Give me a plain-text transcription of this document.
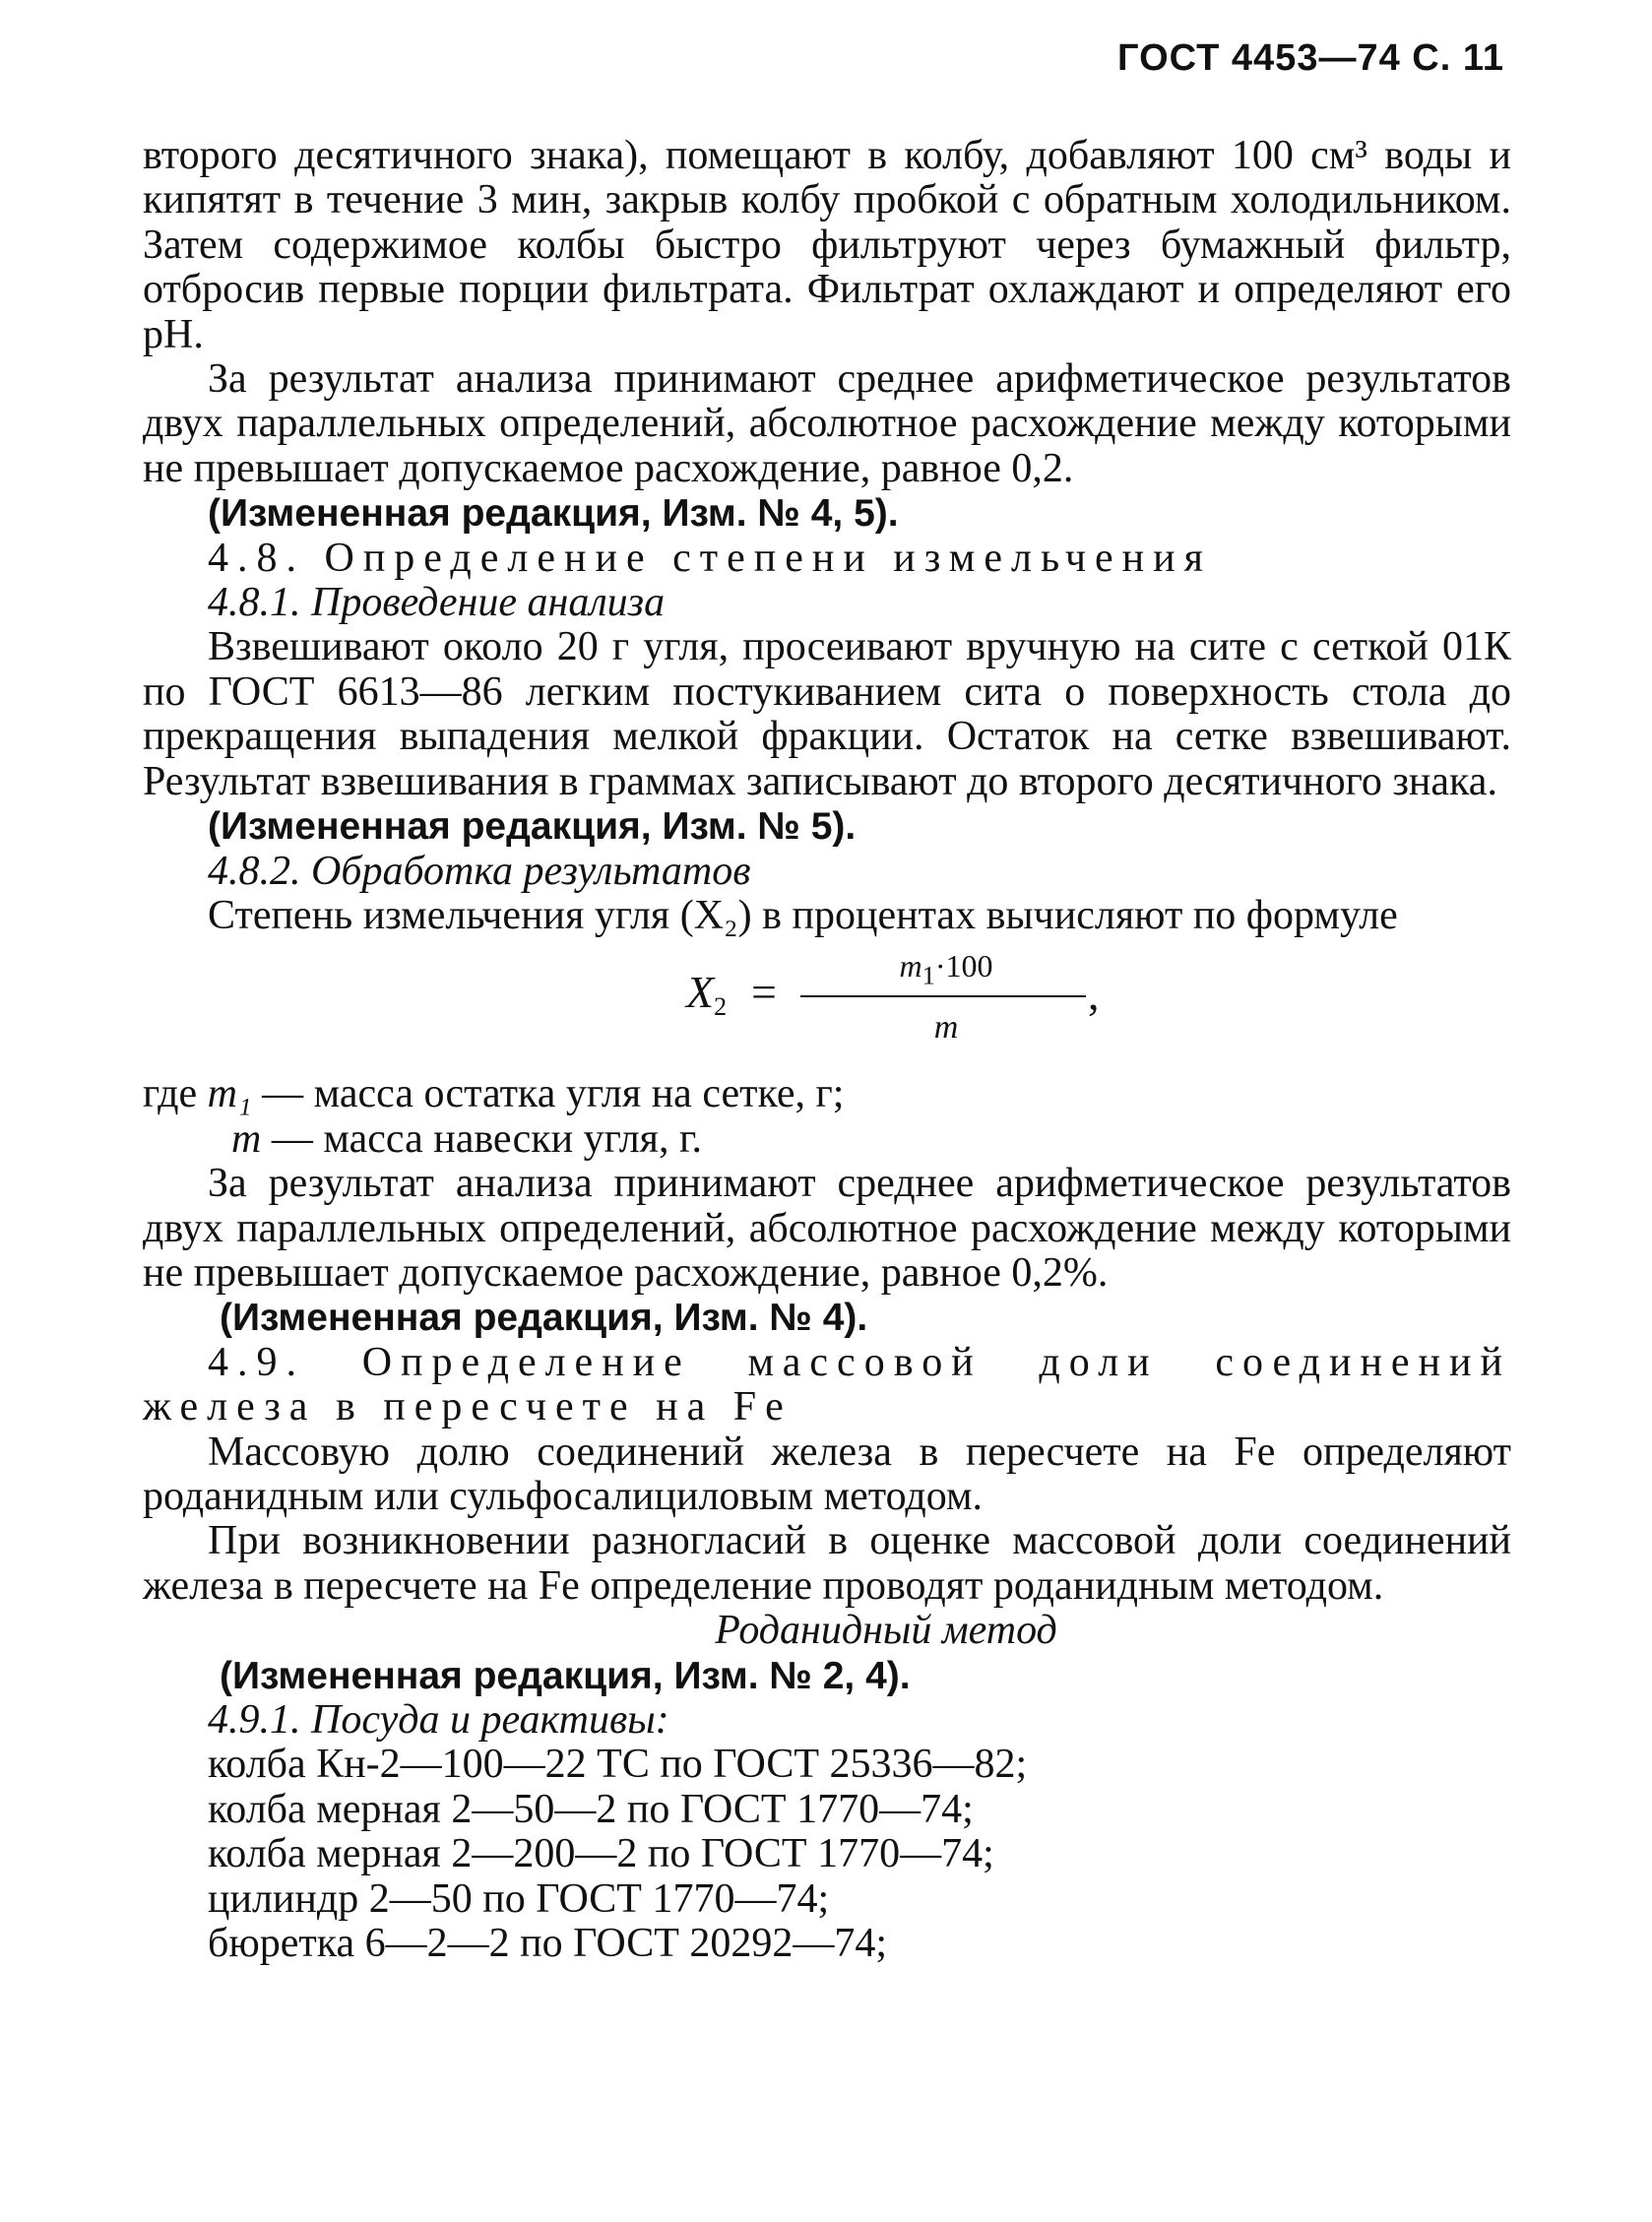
ГОСТ 4453—74 С. 11

второго десятичного знака), помещают в колбу, добавляют 100 см³ воды и кипятят в течение 3 мин, закрыв колбу пробкой с обратным холодильником. Затем содержимое колбы быстро фильтруют через бумажный фильтр, отбросив первые порции фильтрата. Фильтрат охлаждают и определяют его pH.

За результат анализа принимают среднее арифметическое результатов двух параллельных определений, абсолютное расхождение между которыми не превышает допускаемое расхождение, равное 0,2.

(Измененная редакция, Изм. № 4, 5).

4.8. Определение степени измельчения

4.8.1. Проведение анализа

Взвешивают около 20 г угля, просеивают вручную на сите с сеткой 01К по ГОСТ 6613—86 легким постукиванием сита о поверхность стола до прекращения выпадения мелкой фракции. Остаток на сетке взвешивают. Результат взвешивания в граммах записывают до второго десятичного знака.

(Измененная редакция, Изм. № 5).

4.8.2. Обработка результатов

Степень измельчения угля (X₂) в процентах вычисляют по формуле

$X_2$ =
$m_1\cdot 100$
m
,

где m₁ — масса остатка угля на сетке, г;

m — масса навески угля, г.

За результат анализа принимают среднее арифметическое результатов двух параллельных определений, абсолютное расхождение между которыми не превышает допускаемое расхождение, равное 0,2%.

(Измененная редакция, Изм. № 4).

4.9. Определение массовой доли соединений железа в пересчете на Fe

Массовую долю соединений железа в пересчете на Fe определяют роданидным или сульфосалициловым методом.

При возникновении разногласий в оценке массовой доли соединений железа в пересчете на Fe определение проводят роданидным методом.

Роданидный метод

(Измененная редакция, Изм. № 2, 4).

4.9.1. Посуда и реактивы:

колба Кн-2—100—22 ТС по ГОСТ 25336—82;

колба мерная 2—50—2 по ГОСТ 1770—74;

колба мерная 2—200—2 по ГОСТ 1770—74;

цилиндр 2—50 по ГОСТ 1770—74;

бюретка 6—2—2 по ГОСТ 20292—74;
